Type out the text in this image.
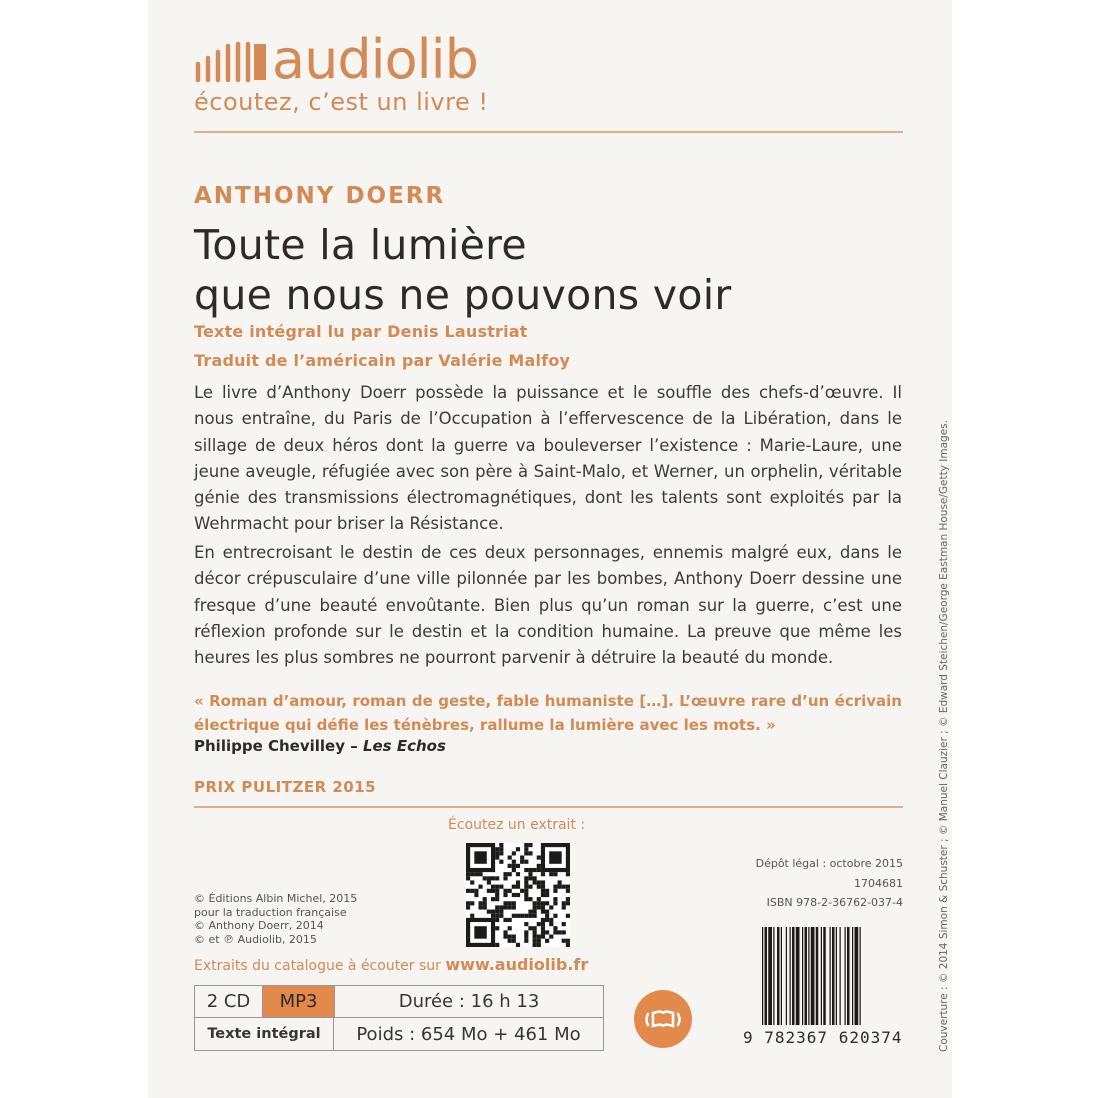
audiolib
écoutez, c’est un livre !
ANTHONY DOERR
Toute la lumière
que nous ne pouvons voir
Texte intégral lu par Denis Laustriat
Traduit de l’américain par Valérie Malfoy
Le livre d’Anthony Doerr possède la puissance et le souffle des chefs-d’œuvre. Il nous entraîne, du Paris de l’Occupation à l’effervescence de la Libération, dans le sillage de deux héros dont la guerre va bouleverser l’existence : Marie-Laure, une jeune aveugle, réfugiée avec son père à Saint-Malo, et Werner, un orphelin, véritable génie des transmissions électromagnétiques, dont les talents sont exploités par la Wehrmacht pour briser la Résistance.
En entrecroisant le destin de ces deux personnages, ennemis malgré eux, dans le décor crépusculaire d’une ville pilonnée par les bombes, Anthony Doerr dessine une fresque d’une beauté envoûtante. Bien plus qu’un roman sur la guerre, c’est une réflexion profonde sur le destin et la condition humaine. La preuve que même les heures les plus sombres ne pourront parvenir à détruire la beauté du monde.
« Roman d’amour, roman de geste, fable humaniste […]. L’œuvre rare d’un écrivain électrique qui défie les ténèbres, rallume la lumière avec les mots. »
Philippe Chevilley – Les Echos
PRIX PULITZER 2015
Écoutez un extrait :
Dépôt légal : octobre 2015
1704681
ISBN 978-2-36762-037-4
© Éditions Albin Michel, 2015
pour la traduction française
© Anthony Doerr, 2014
© et ℗ Audiolib, 2015
Extraits du catalogue à écouter sur www.audiolib.fr
2 CD	MP3	Durée : 16 h 13
Texte intégral	Poids : 654 Mo + 461 Mo	9 782367 620374	Couverture : © 2014 Simon & Schuster ; © Manuel Clauzier ; © Edward Steichen/George Eastman House/Getty Images.
